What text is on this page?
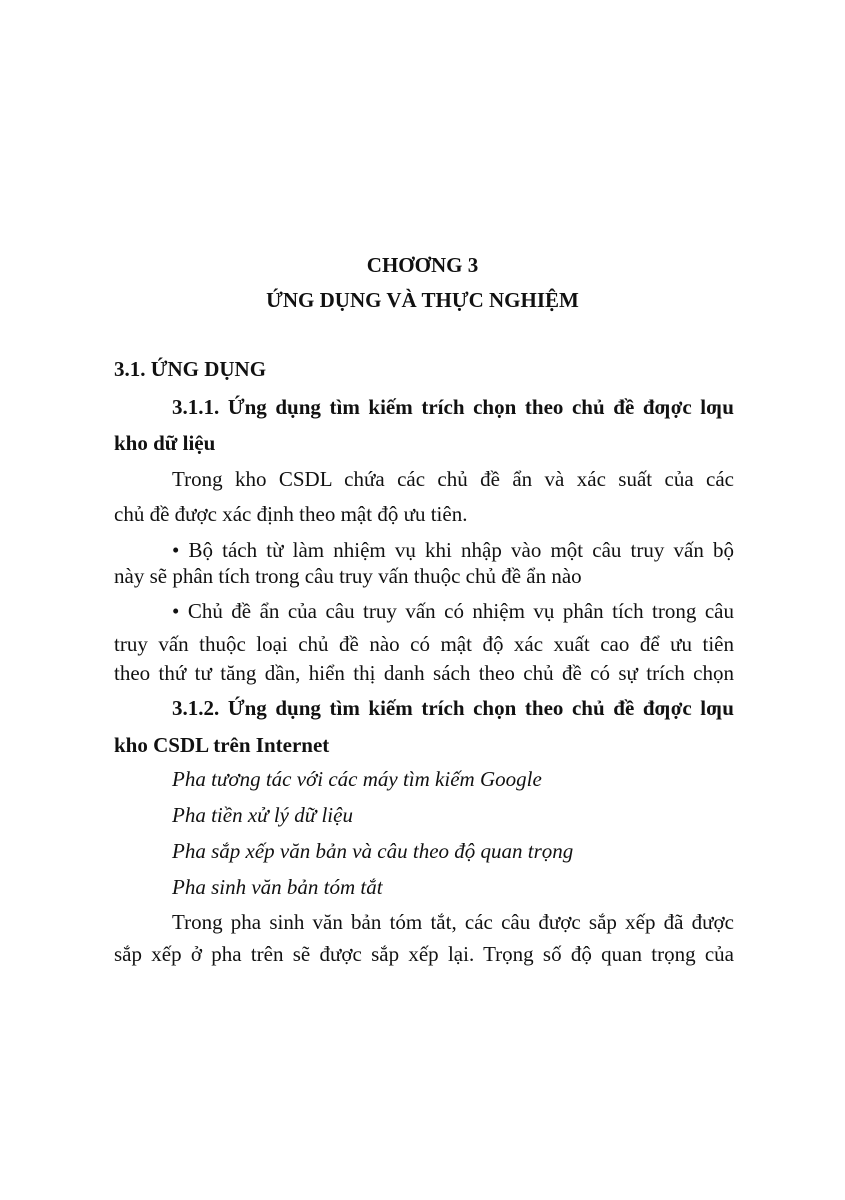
CHƠƠNG 3
ỨNG DỤNG VÀ THỰC NGHIỆM
3.1. ỨNG DỤNG
3.1.1. Ứng dụng tìm kiếm trích chọn theo chủ đề đƣợc lƣu
kho dữ liệu
Trong kho CSDL chứa các chủ đề ẩn và xác suất của các
chủ đề được xác định theo mật độ ưu tiên.
• Bộ tách từ làm nhiệm vụ khi nhập vào một câu truy vấn bộ
này sẽ phân tích trong câu truy vấn thuộc chủ đề ẩn nào
• Chủ đề ẩn của câu truy vấn có nhiệm vụ phân tích trong câu
truy vấn thuộc loại chủ đề nào có mật độ xác xuất cao để ưu tiên
theo thứ tư tăng dần, hiển thị danh sách theo chủ đề có sự trích chọn
3.1.2. Ứng dụng tìm kiếm trích chọn theo chủ đề đƣợc lƣu
kho CSDL trên Internet
Pha tương tác với các máy tìm kiếm Google
Pha tiền xử lý dữ liệu
Pha sắp xếp văn bản và câu theo độ quan trọng
Pha sinh văn bản tóm tắt
Trong pha sinh văn bản tóm tắt, các câu được sắp xếp đã được
sắp xếp ở pha trên sẽ được sắp xếp lại. Trọng số độ quan trọng của
